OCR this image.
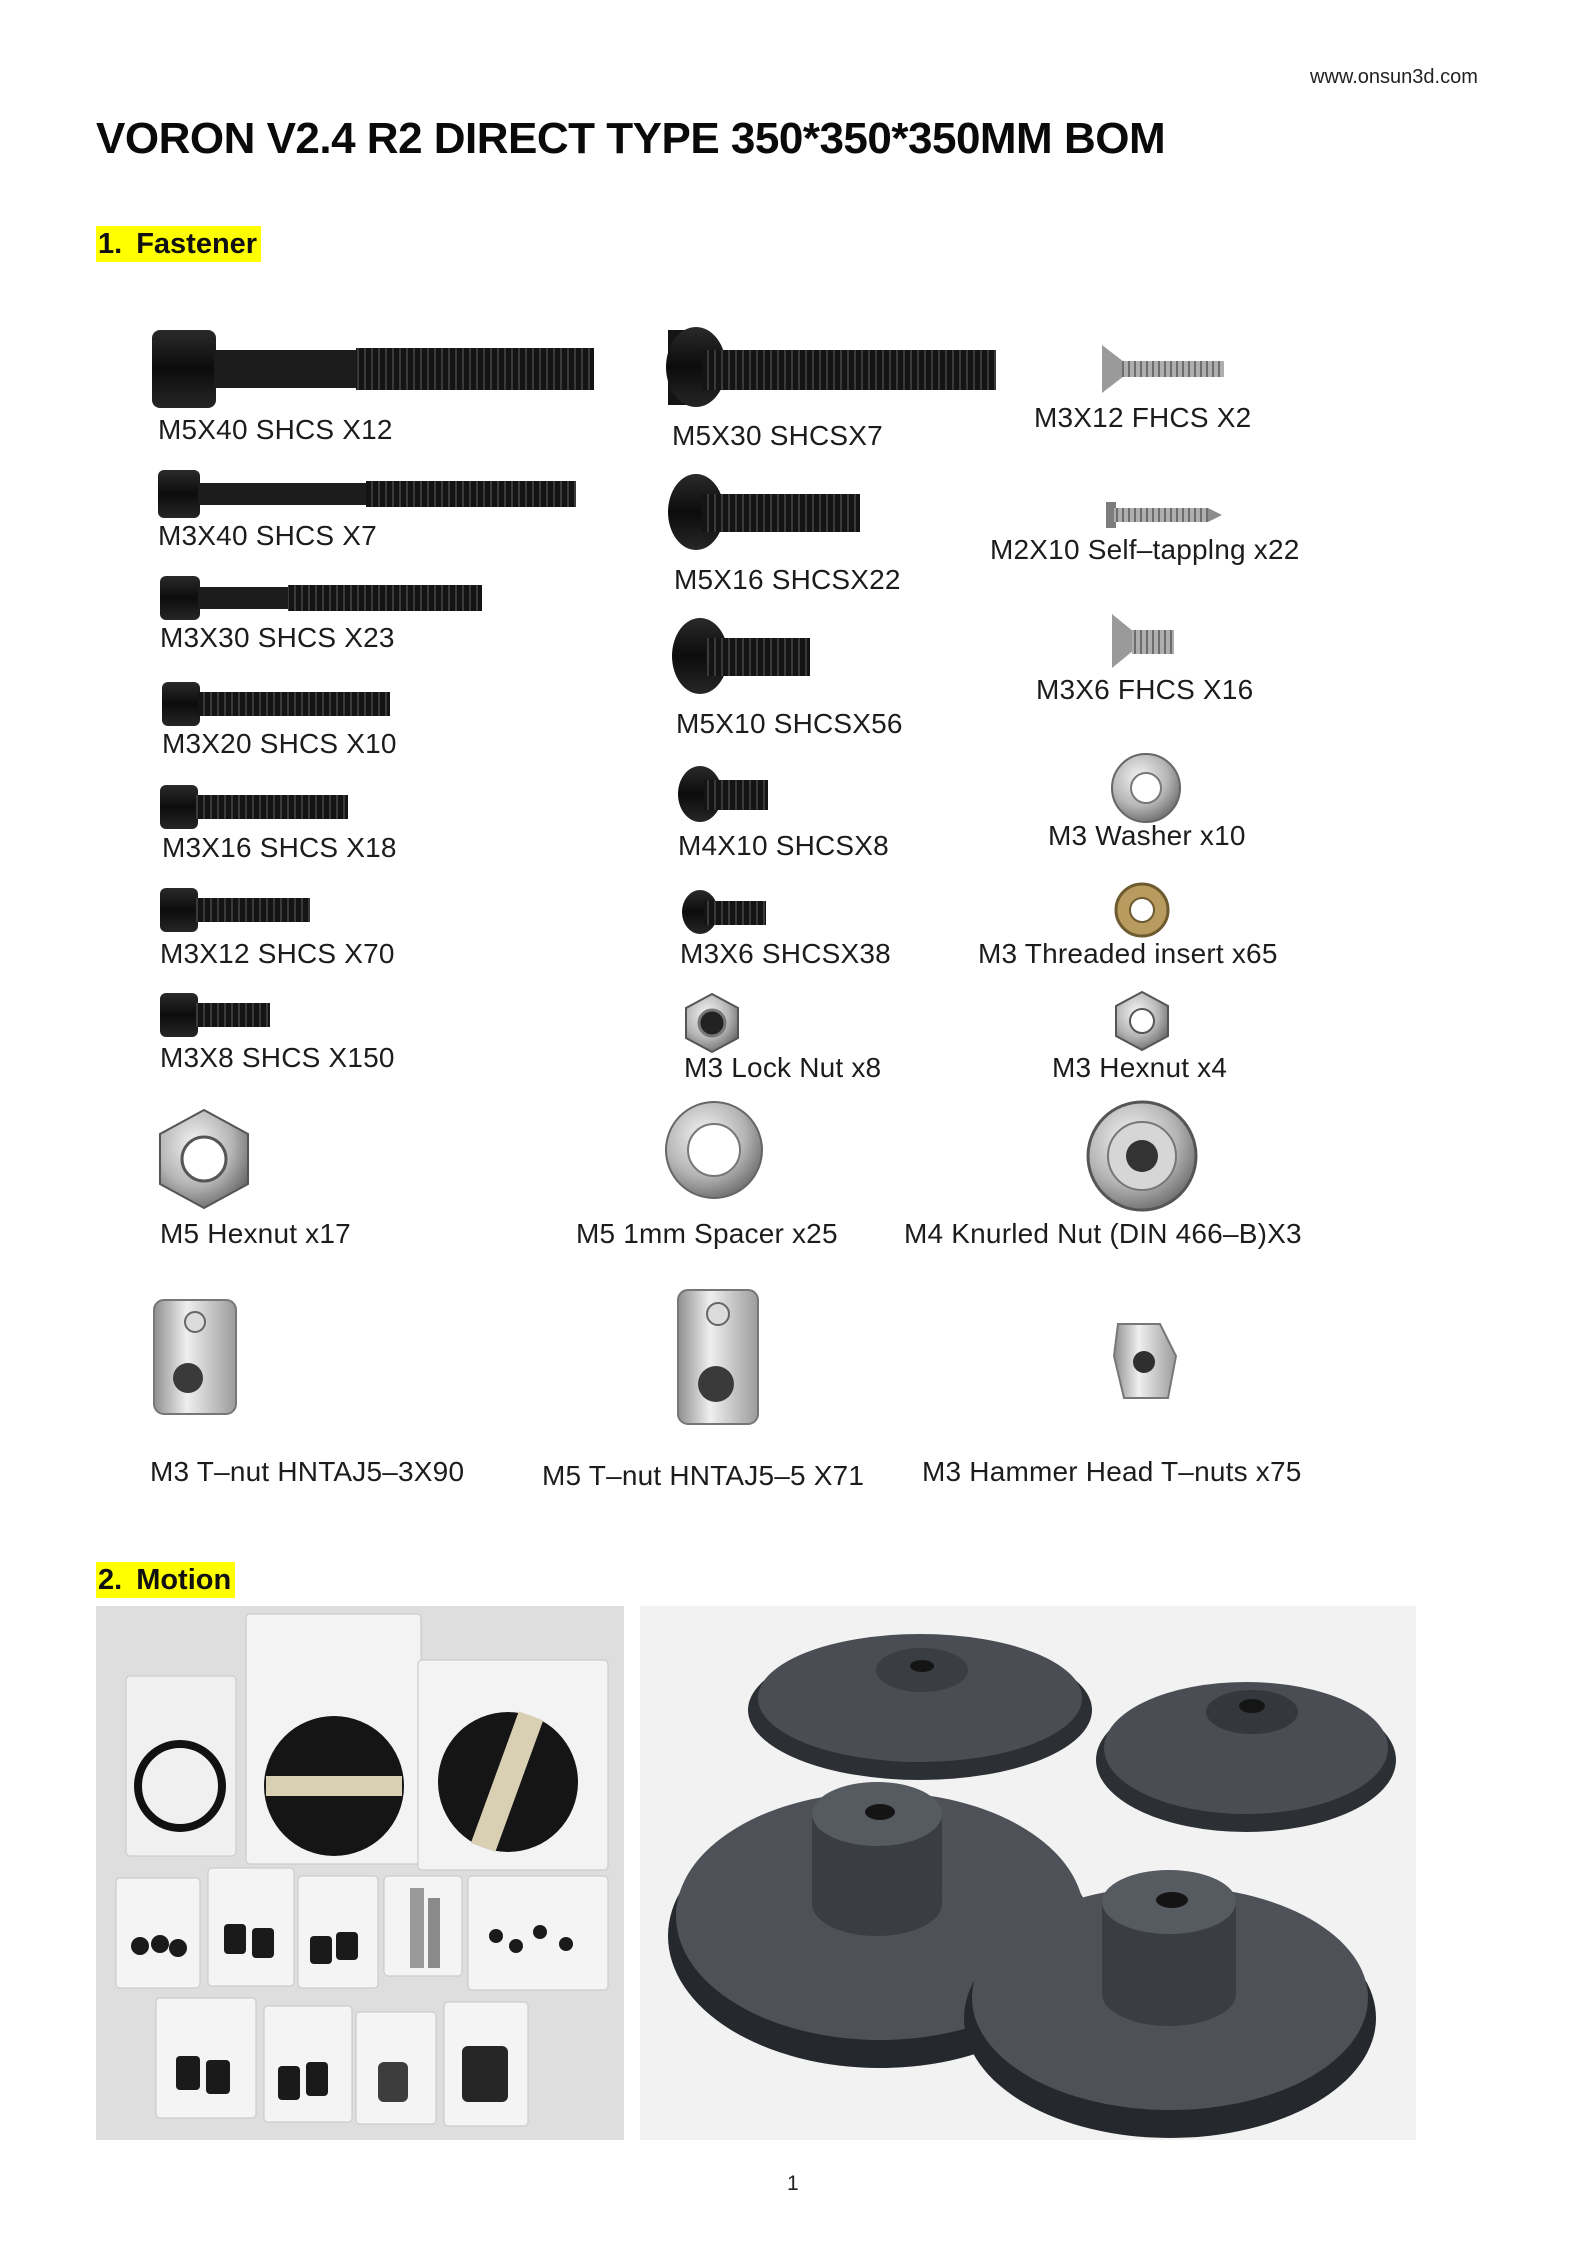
www.onsun3d.com
VORON V2.4 R2 DIRECT TYPE 350*350*350MM BOM
1. Fastener
M5X40 SHCS X12
M3X40 SHCS X7
M3X30 SHCS X23
M3X20 SHCS X10
M3X16 SHCS X18
M3X12 SHCS X70
M3X8 SHCS X150
M5 Hexnut x17
M3 T–nut HNTAJ5–3X90
M5X30 SHCSX7
M5X16 SHCSX22
M5X10 SHCSX56
M4X10 SHCSX8
M3X6 SHCSX38
M3 Lock Nut x8
M5 1mm Spacer x25
M5 T–nut HNTAJ5–5 X71
M3X12 FHCS X2
M2X10 Self–tapplng x22
M3X6 FHCS X16
M3 Washer x10
M3 Threaded insert x65
M3 Hexnut x4
M4 Knurled Nut (DIN 466–B)X3
M3 Hammer Head T–nuts x75
2. Motion
1
